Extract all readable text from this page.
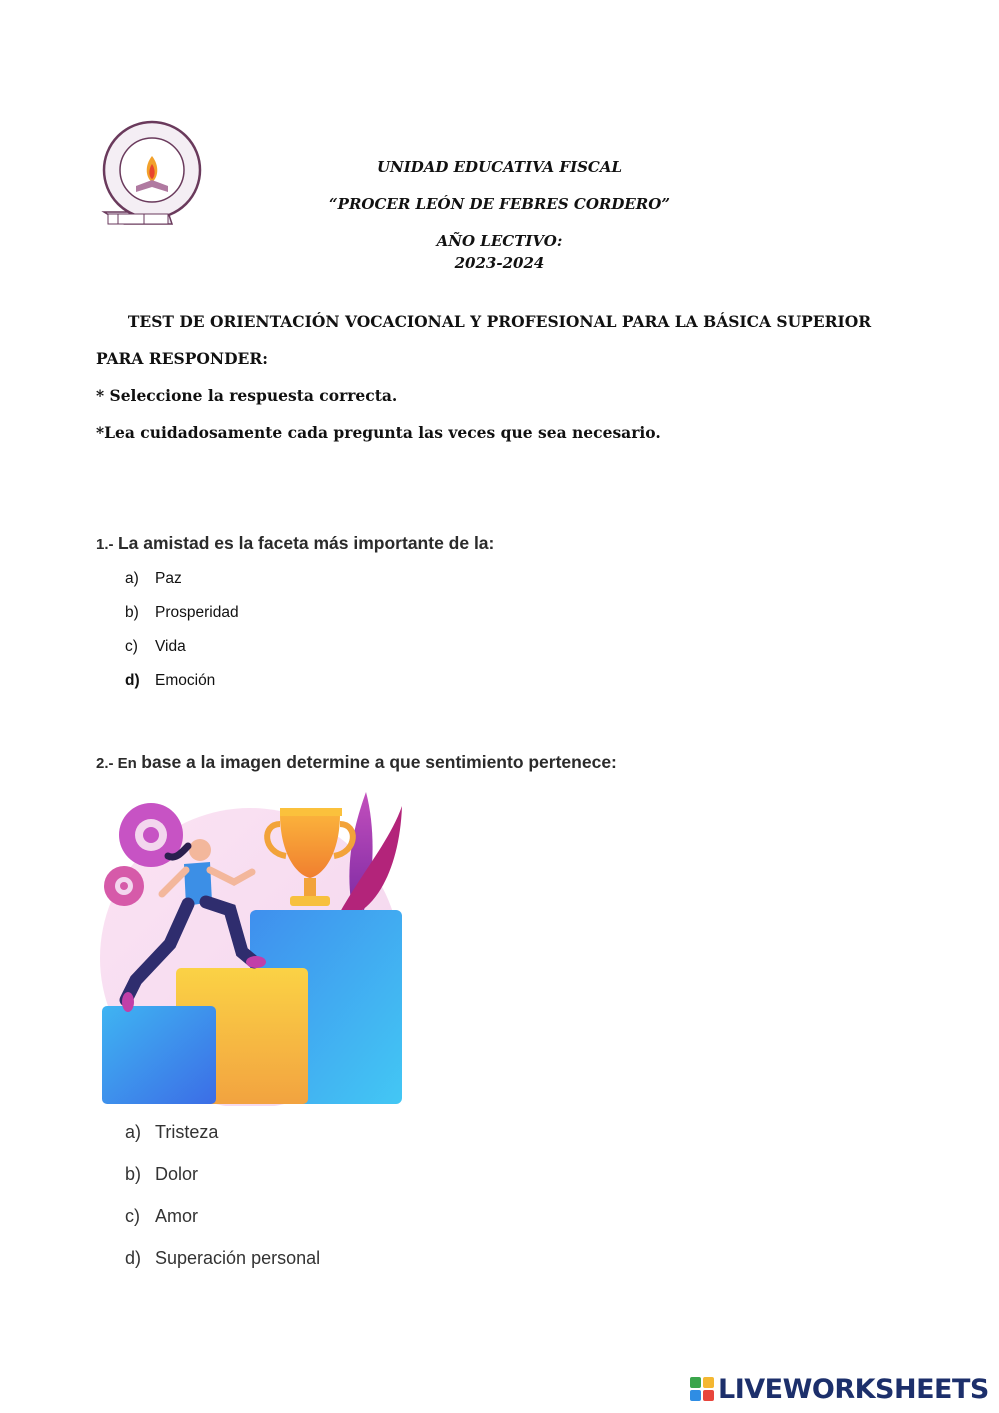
UNIDAD EDUCATIVA FISCAL
“PROCER LEÓN DE FEBRES CORDERO”
AÑO LECTIVO:
2023-2024
TEST DE ORIENTACIÓN VOCACIONAL Y PROFESIONAL PARA LA BÁSICA SUPERIOR
PARA RESPONDER:
* Seleccione la respuesta correcta.
*Lea cuidadosamente cada pregunta las veces que sea necesario.
1.- La amistad es la faceta más importante de la:
a) Paz
b) Prosperidad
c) Vida
d) Emoción
2.- En base a la imagen determine a que sentimiento pertenece:
a) Tristeza
b) Dolor
c) Amor
d) Superación personal
LIVEWORKSHEETS
